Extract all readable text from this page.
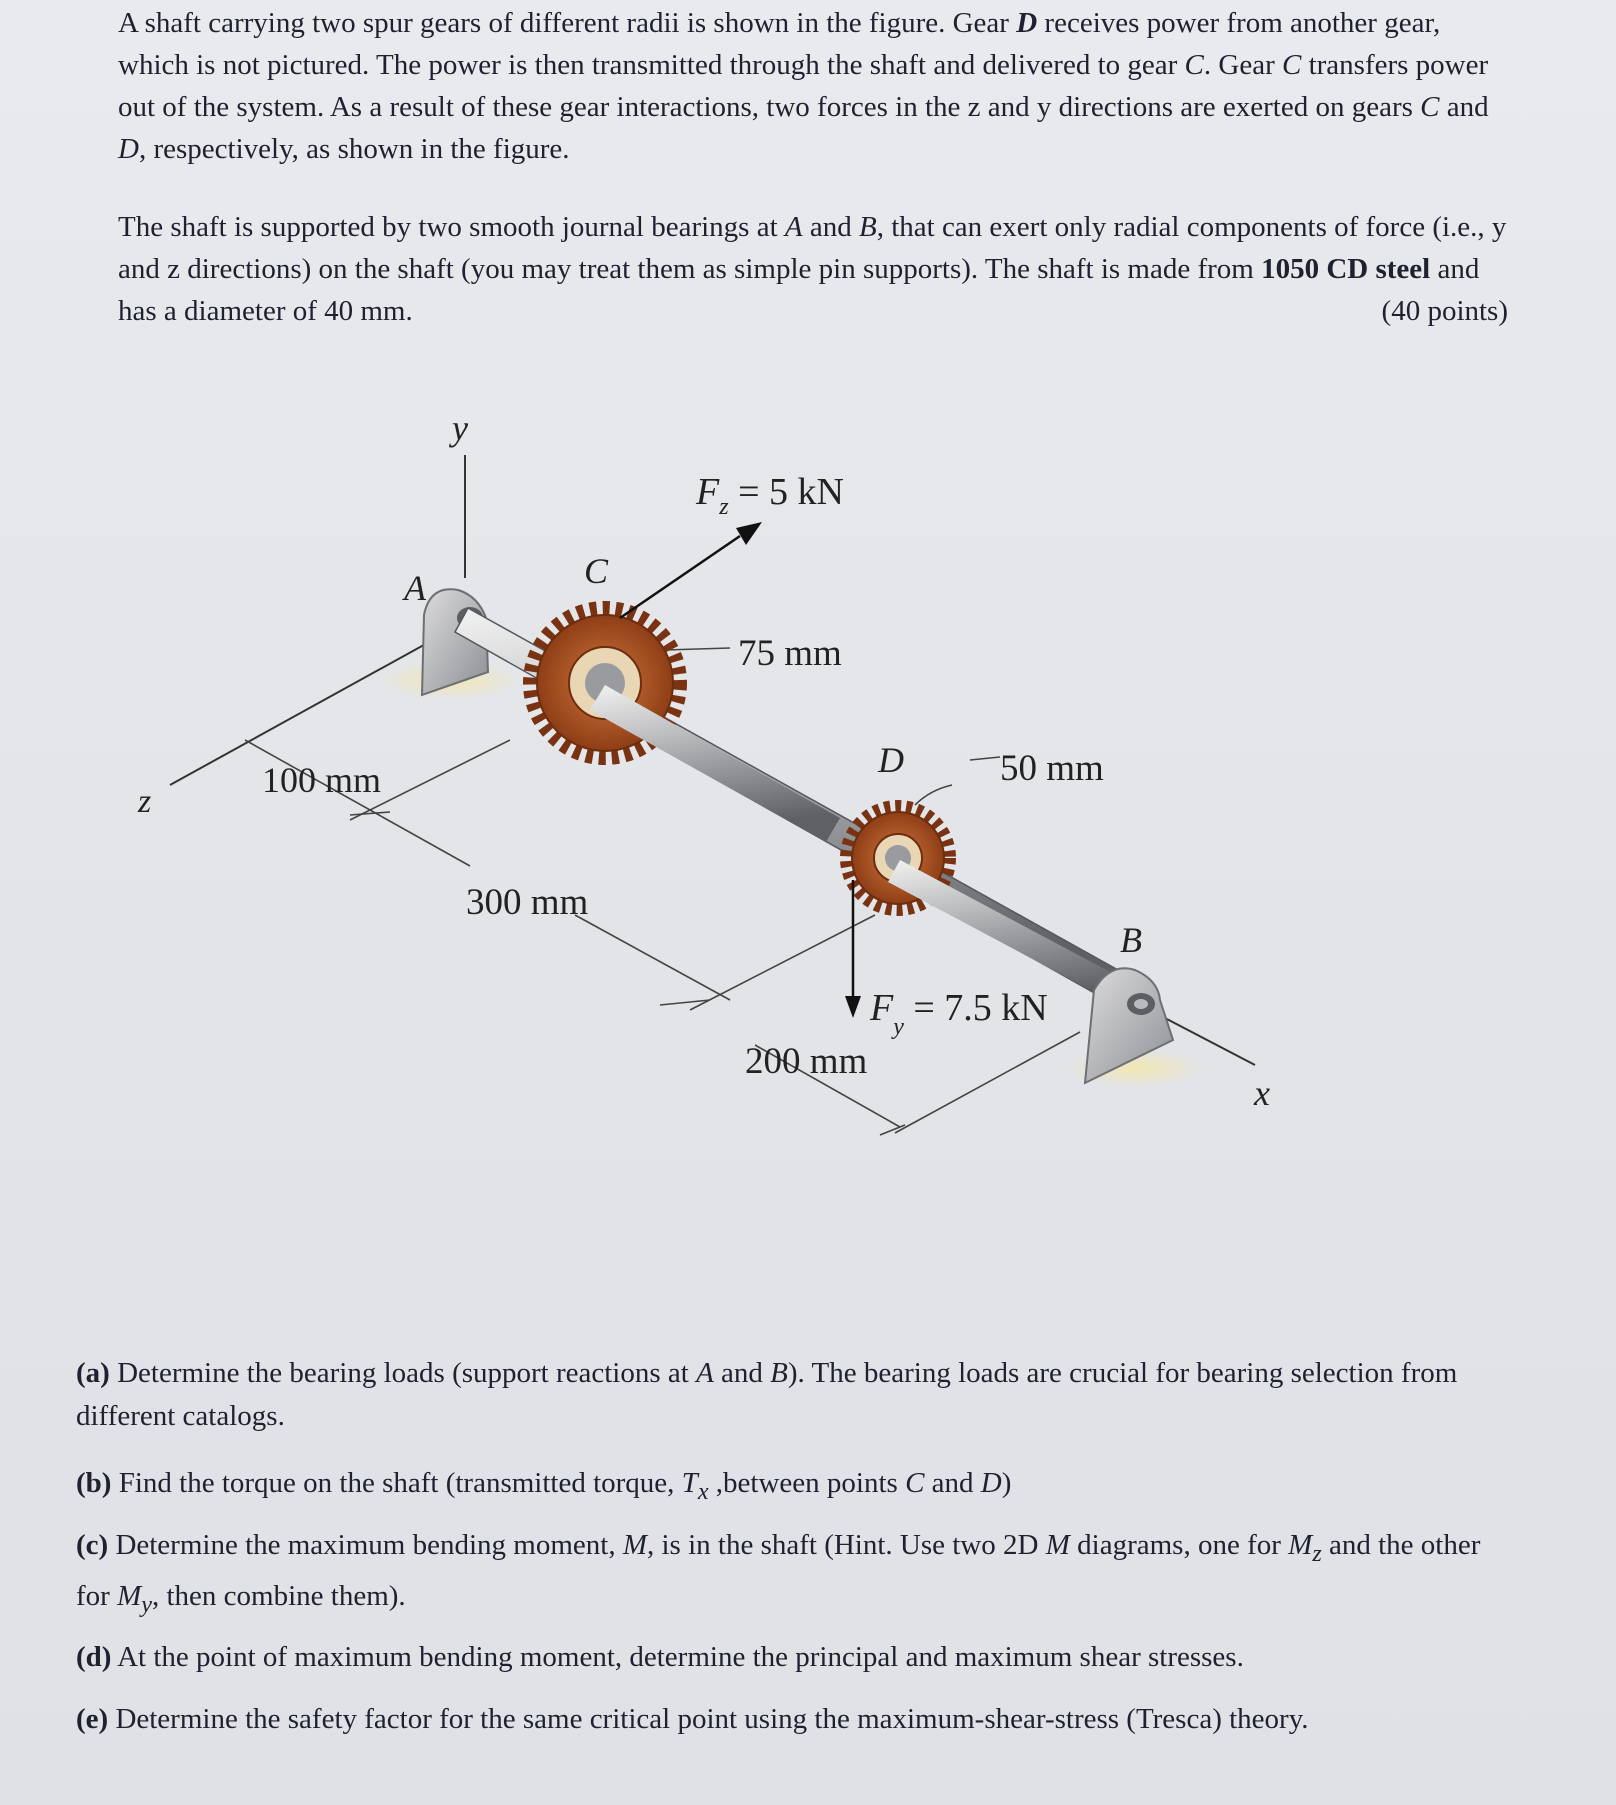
A shaft carrying two spur gears of different radii is shown in the figure. Gear D receives power from another gear, which is not pictured. The power is then transmitted through the shaft and delivered to gear C. Gear C transfers power out of the system. As a result of these gear interactions, two forces in the z and y directions are exerted on gears C and D, respectively, as shown in the figure.

The shaft is supported by two smooth journal bearings at A and B, that can exert only radial components of force (i.e., y and z directions) on the shaft (you may treat them as simple pin supports). The shaft is made from 1050 CD steel and has a diameter of 40 mm.	(40 points)

y
z
x
A	C
D
B
$F_z = 5$ kN
$F_y = 7.5$ kN
75 mm
50 mm
100 mm
300 mm
200 mm

(a) Determine the bearing loads (support reactions at A and B). The bearing loads are crucial for bearing selection from different catalogs.

(b) Find the torque on the shaft (transmitted torque, $T_x$ ,between points C and D)

(c) Determine the maximum bending moment, M, is in the shaft (Hint. Use two 2D M diagrams, one for $M_z$ and the other for $M_y$, then combine them).

(d) At the point of maximum bending moment, determine the principal and maximum shear stresses.

(e) Determine the safety factor for the same critical point using the maximum-shear-stress (Tresca) theory.
